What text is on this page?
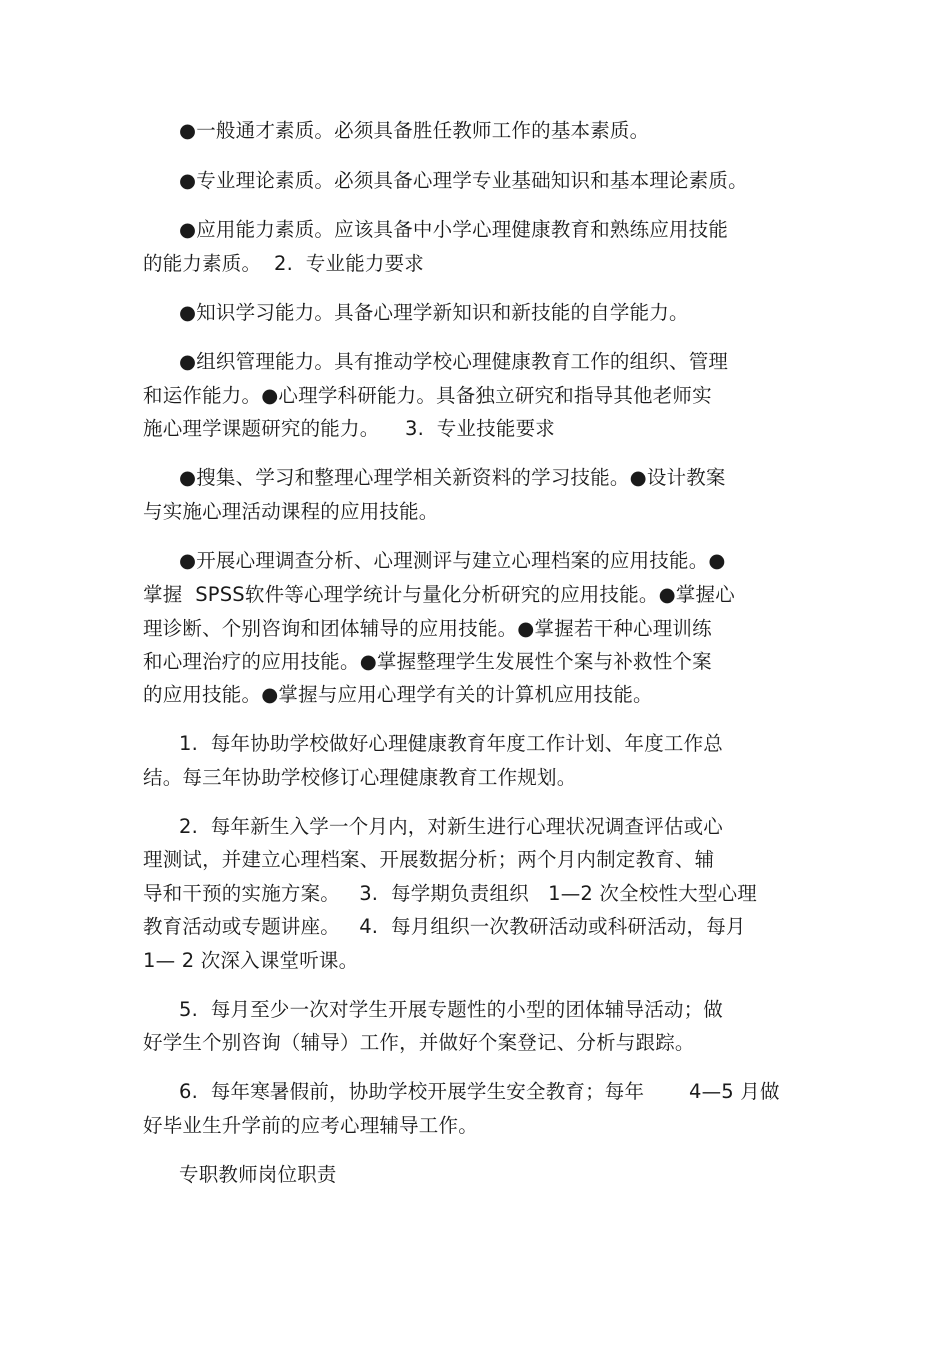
●一般通才素质。必须具备胜任教师工作的基本素质。
●专业理论素质。必须具备心理学专业基础知识和基本理论素质。
●应用能力素质。应该具备中小学心理健康教育和熟练应用技能
的能力素质。  2.  专业能力要求
●知识学习能力。具备心理学新知识和新技能的自学能力。
●组织管理能力。具有推动学校心理健康教育工作的组织、管理
和运作能力。●心理学科研能力。具备独立研究和指导其他老师实
施心理学课题研究的能力。    3.  专业技能要求
●搜集、学习和整理心理学相关新资料的学习技能。●设计教案
与实施心理活动课程的应用技能。
●开展心理调查分析、心理测评与建立心理档案的应用技能。●
掌握  SPSS软件等心理学统计与量化分析研究的应用技能。●掌握心
理诊断、个别咨询和团体辅导的应用技能。●掌握若干种心理训练
和心理治疗的应用技能。●掌握整理学生发展性个案与补救性个案
的应用技能。●掌握与应用心理学有关的计算机应用技能。
1.  每年协助学校做好心理健康教育年度工作计划、年度工作总
结。每三年协助学校修订心理健康教育工作规划。
2.  每年新生入学一个月内，对新生进行心理状况调查评估或心
理测试，并建立心理档案、开展数据分析；两个月内制定教育、辅
导和干预的实施方案。   3.  每学期负责组织   1—2 次全校性大型心理
教育活动或专题讲座。   4.  每月组织一次教研活动或科研活动，每月
1— 2 次深入课堂听课。
5.  每月至少一次对学生开展专题性的小型的团体辅导活动；做
好学生个别咨询（辅导）工作，并做好个案登记、分析与跟踪。
6.  每年寒暑假前，协助学校开展学生安全教育；每年       4—5 月做
好毕业生升学前的应考心理辅导工作。
专职教师岗位职责
